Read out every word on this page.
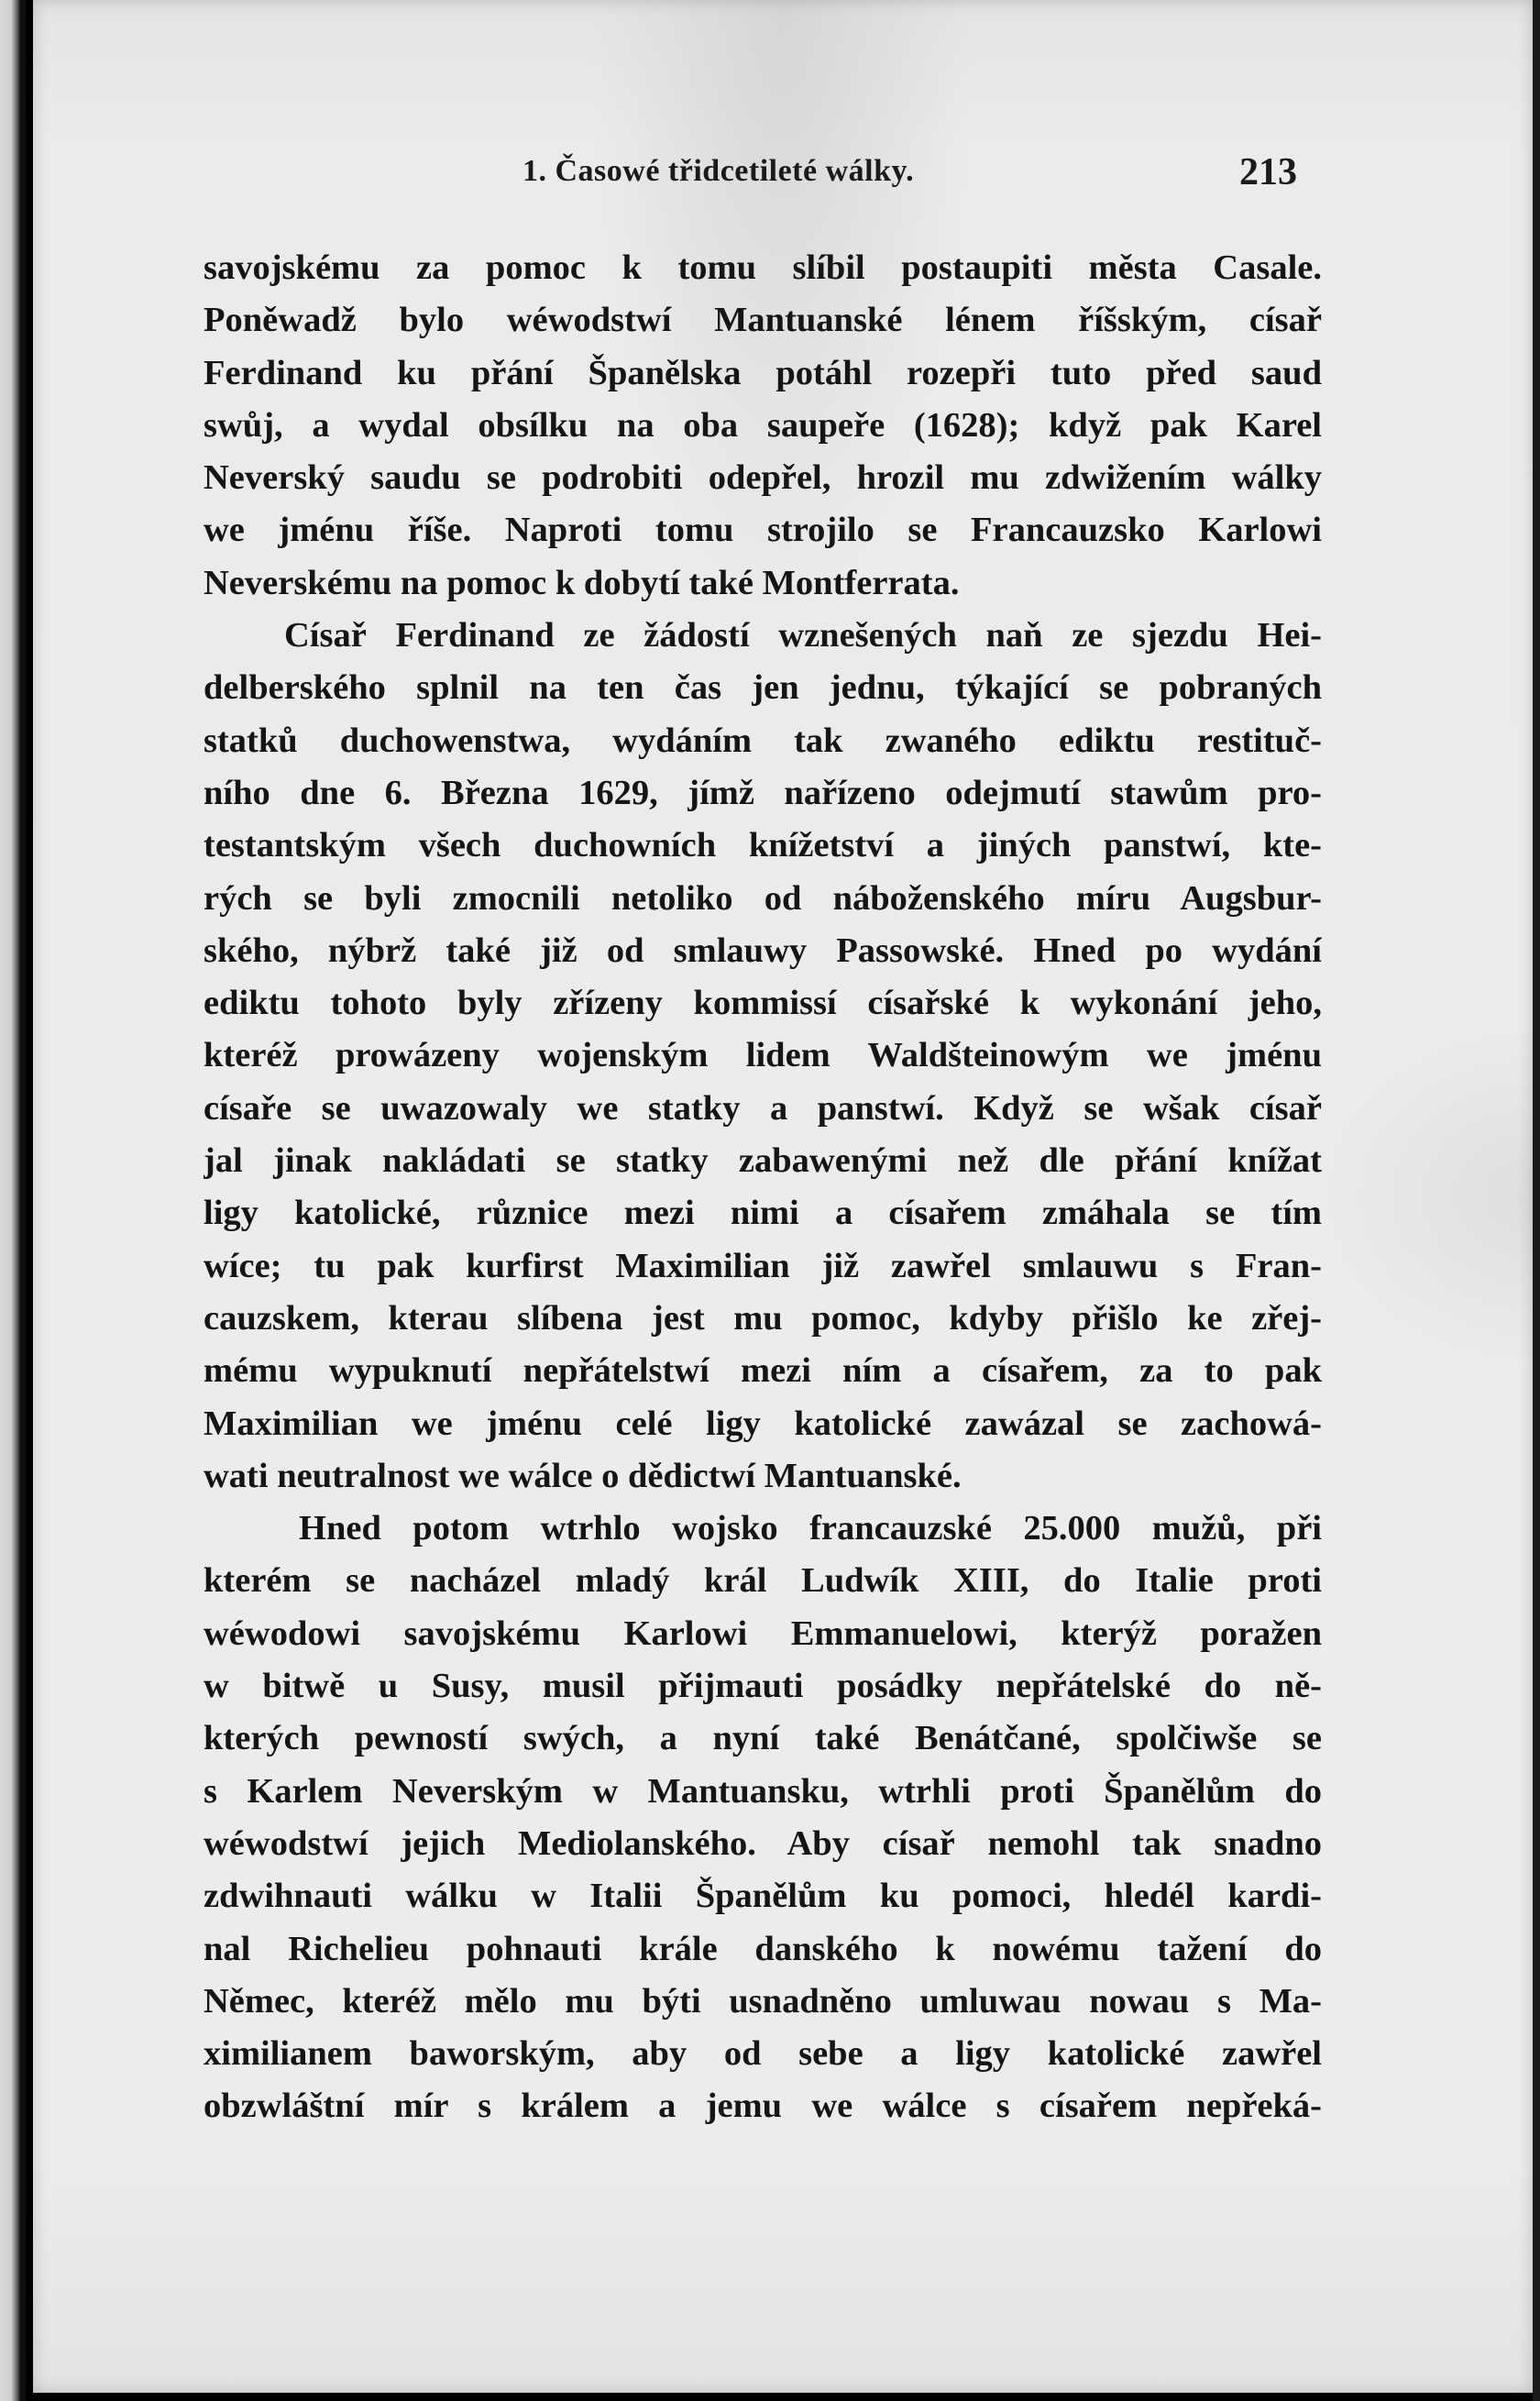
1. Časowé třidcetileté wálky.	213
savojskému za pomoc k tomu slíbil postaupiti města Casale.
Poněwadž bylo wéwodstwí Mantuanské lénem říšským, císař
Ferdinand ku přání Španělska potáhl rozepři tuto před saud
swůj, a wydal obsílku na oba saupeře (1628); když pak Karel
Neverský saudu se podrobiti odepřel, hrozil mu zdwižením wálky
we jménu říše. Naproti tomu strojilo se Francauzsko Karlowi
Neverskému na pomoc k dobytí také Montferrata.
Císař Ferdinand ze žádostí wznešených naň ze sjezdu Hei-
delberského splnil na ten čas jen jednu, týkající se pobraných
statků duchowenstwa, wydáním tak zwaného ediktu restituč-
ního dne 6. Března 1629, jímž nařízeno odejmutí stawům pro-
testantským všech duchowních knížetství a jiných panstwí, kte-
rých se byli zmocnili netoliko od náboženského míru Augsbur-
ského, nýbrž také již od smlauwy Passowské. Hned po wydání
ediktu tohoto byly zřízeny kommissí císařské k wykonání jeho,
kteréž prowázeny wojenským lidem Waldšteinowým we jménu
císaře se uwazowaly we statky a panstwí. Když se wšak císař
jal jinak nakládati se statky zabawenými než dle přání knížat
ligy katolické, různice mezi nimi a císařem zmáhala se tím
wíce; tu pak kurfirst Maximilian již zawřel smlauwu s Fran-
cauzskem, kterau slíbena jest mu pomoc, kdyby přišlo ke zřej-
mému wypuknutí nepřátelstwí mezi ním a císařem, za to pak
Maximilian we jménu celé ligy katolické zawázal se zachowá-
wati neutralnost we wálce o dědictwí Mantuanské.
Hned potom wtrhlo wojsko francauzské 25.000 mužů, při
kterém se nacházel mladý král Ludwík XIII, do Italie proti
wéwodowi savojskému Karlowi Emmanuelowi, kterýž poražen
w bitwě u Susy, musil přijmauti posádky nepřátelské do ně-
kterých pewností swých, a nyní také Benátčané, spolčiwše se
s Karlem Neverským w Mantuansku, wtrhli proti Španělům do
wéwodstwí jejich Mediolanského. Aby císař nemohl tak snadno
zdwihnauti wálku w Italii Španělům ku pomoci, hledél kardi-
nal Richelieu pohnauti krále danského k nowému tažení do
Němec, kteréž mělo mu býti usnadněno umluwau nowau s Ma-
ximilianem baworským, aby od sebe a ligy katolické zawřel
obzwláštní mír s králem a jemu we wálce s císařem nepřeká-
